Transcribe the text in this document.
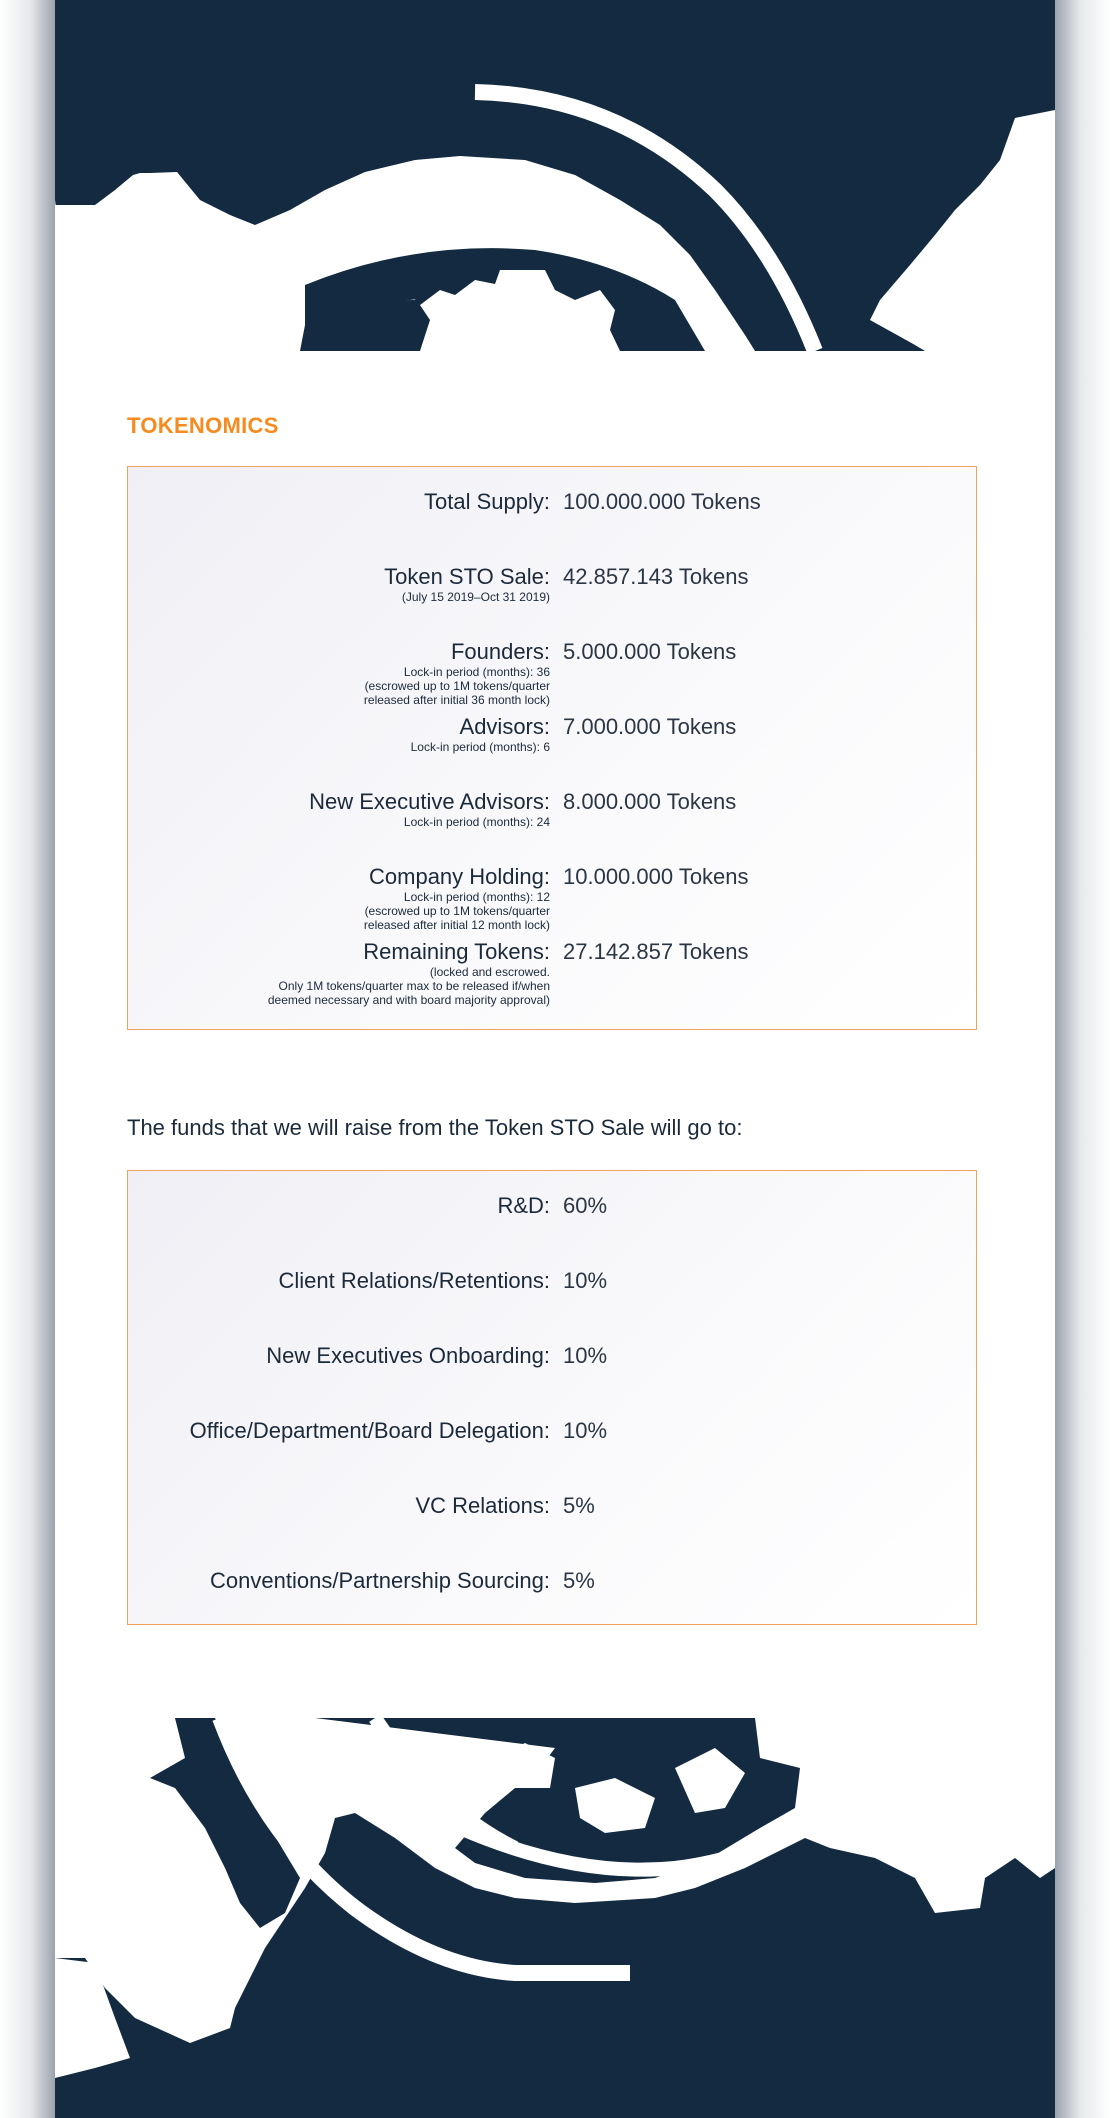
TOKENOMICS
Total Supply: 100.000.000 Tokens
Token STO Sale:
(July 15 2019–Oct 31 2019)
42.857.143 Tokens
Founders:
Lock-in period (months): 36
(escrowed up to 1M tokens/quarter
released after initial 36 month lock)
5.000.000 Tokens
Advisors:
Lock-in period (months): 6
7.000.000 Tokens
New Executive Advisors:
Lock-in period (months): 24
8.000.000 Tokens
Company Holding:
Lock-in period (months): 12
(escrowed up to 1M tokens/quarter
released after initial 12 month lock)
10.000.000 Tokens
Remaining Tokens:
(locked and escrowed.
Only 1M tokens/quarter max to be released if/when
deemed necessary and with board majority approval)
27.142.857 Tokens
The funds that we will raise from the Token STO Sale will go to:
R&D: 60%
Client Relations/Retentions: 10%
New Executives Onboarding: 10%
Office/Department/Board Delegation: 10%
VC Relations: 5%
Conventions/Partnership Sourcing: 5%
